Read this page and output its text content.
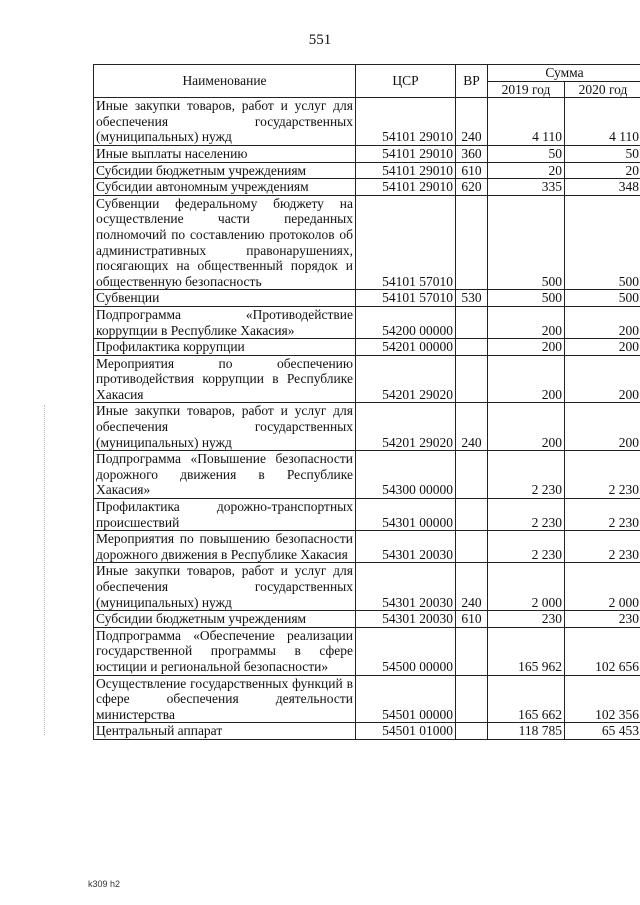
551
Наименование	ЦСР	ВР	Сумма	
			2019 год	2020 год
Иные закупки товаров, работ и услуг для обеспечения государственных (муниципальных) нужд	54101 29010	240	4 110	4 110
Иные выплаты населению	54101 29010	360	50	50
Субсидии бюджетным учреждениям	54101 29010	610	20	20
Субсидии автономным учреждениям	54101 29010	620	335	348
Субвенции федеральному бюджету на осуществление части переданных полномочий по составлению протоколов об административных правонарушениях, посягающих на общественный порядок и общественную безопасность	54101 57010		500	500
Субвенции	54101 57010	530	500	500
Подпрограмма «Противодействие коррупции в Республике Хакасия»	54200 00000		200	200
Профилактика коррупции	54201 00000		200	200
Мероприятия по обеспечению противодействия коррупции в Республике Хакасия	54201 29020		200	200
Иные закупки товаров, работ и услуг для обеспечения государственных (муниципальных) нужд	54201 29020	240	200	200
Подпрограмма «Повышение безопасности дорожного движения в Республике Хакасия»	54300 00000		2 230	2 230
Профилактика дорожно-транспортных происшествий	54301 00000		2 230	2 230
Мероприятия по повышению безопасности дорожного движения в Республике Хакасия	54301 20030		2 230	2 230
Иные закупки товаров, работ и услуг для обеспечения государственных (муниципальных) нужд	54301 20030	240	2 000	2 000
Субсидии бюджетным учреждениям	54301 20030	610	230	230
Подпрограмма «Обеспечение реализации государственной программы в сфере юстиции и региональной безопасности»	54500 00000		165 962	102 656
Осуществление государственных функций в сфере обеспечения деятельности министерства	54501 00000		165 662	102 356
Центральный аппарат	54501 01000		118 785	65 453
k309 h2
